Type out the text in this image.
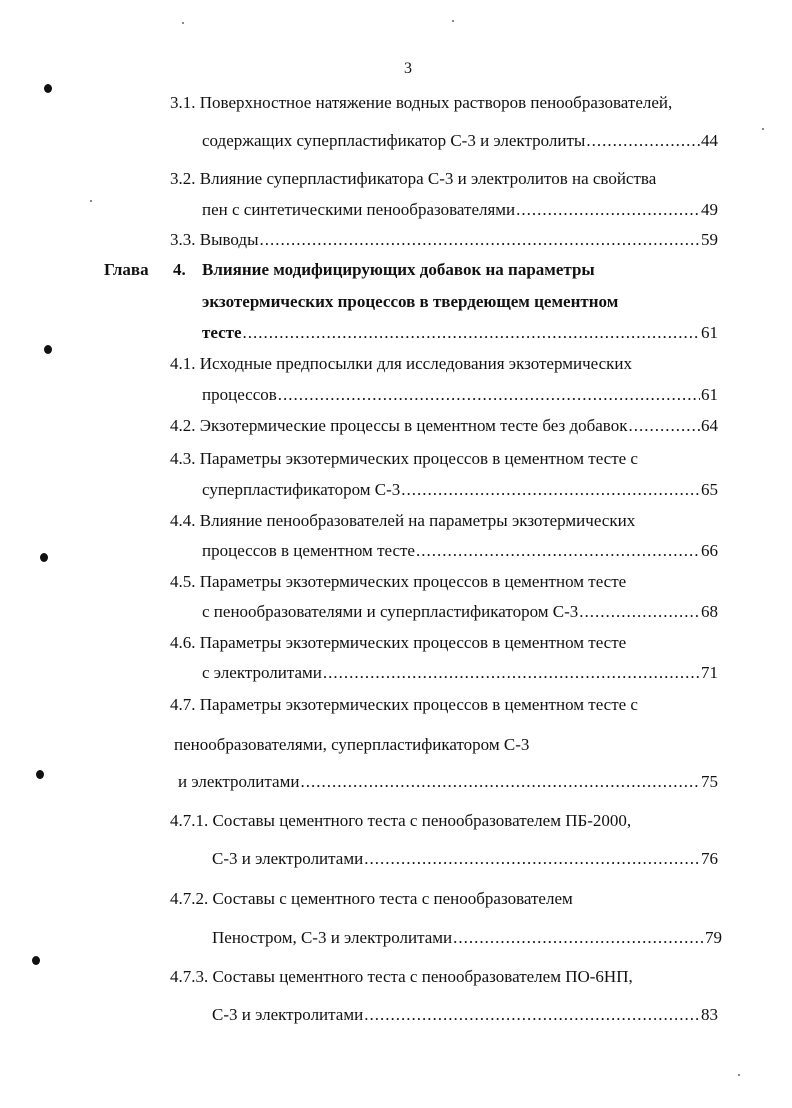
3
3.1. Поверхностное натяжение водных растворов пенообразователей,
содержащих суперпластификатор С-3 и электролиты .....	44
3.2. Влияние суперпластификатора С-3 и электролитов на свойства
пен с синтетическими пенообразователями .....	49
3.3. Выводы .....	59
Глава 4. Влияние модифицирующих добавок на параметры
экзотермических процессов в твердеющем цементном
тесте .....	61
4.1. Исходные предпосылки для исследования экзотермических
процессов .....	61
4.2. Экзотермические процессы в цементном тесте без добавок .....	64
4.3. Параметры экзотермических процессов в цементном тесте с
суперпластификатором С-3 .....	65
4.4. Влияние пенообразователей на параметры экзотермических
процессов в цементном тесте .....	66
4.5. Параметры экзотермических процессов в цементном тесте
с пенообразователями и суперпластификатором С-3 .....	68
4.6. Параметры экзотермических процессов в цементном тесте
с электролитами .....	71
4.7. Параметры экзотермических процессов в цементном тесте с
пенообразователями, суперпластификатором С-3
и электролитами .....	75
4.7.1. Составы цементного теста с пенообразователем ПБ-2000,
С-3 и электролитами .....	76
4.7.2. Составы с цементного теста с пенообразователем
Пеностром, С-3 и электролитами .....	79
4.7.3. Составы цементного теста с пенообразователем ПО-6НП,
С-3 и электролитами .....	83
